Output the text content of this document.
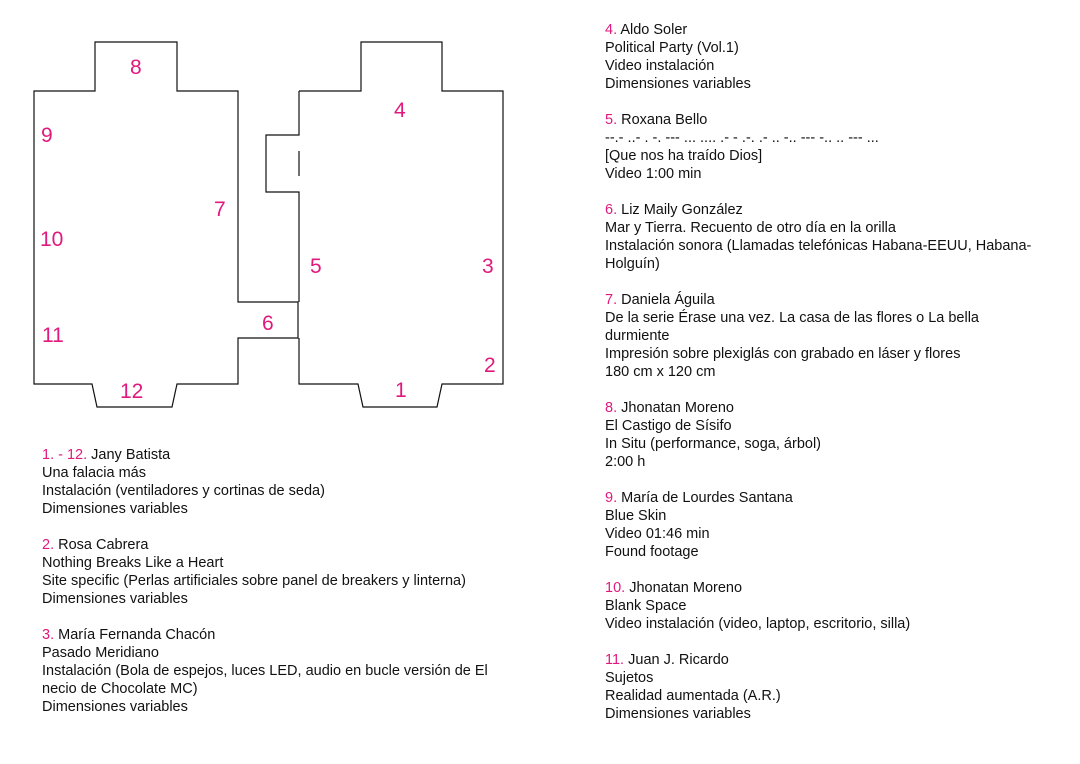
8
9
10
11
12
7
6
4
5	3
2
1
1. - 12. Jany Batista
Una falacia más
Instalación (ventiladores y cortinas de seda)
Dimensiones variables
2. Rosa Cabrera
Nothing Breaks Like a Heart
Site specific (Perlas artificiales sobre panel de breakers y linterna)
Dimensiones variables
3. María Fernanda Chacón
Pasado Meridiano
Instalación (Bola de espejos, luces LED, audio en bucle versión de El necio de Chocolate MC)
Dimensiones variables
4. Aldo Soler
Political Party (Vol.1)
Video instalación
Dimensiones variables
5. Roxana Bello
--.- ..- . -. --- ... .... .- - .-. .- .. -.. --- -.. .. --- ...
[Que nos ha traído Dios]
Video 1:00 min
6. Liz Maily González
Mar y Tierra. Recuento de otro día en la orilla
Instalación sonora (Llamadas telefónicas Habana-EEUU, Habana-Holguín)
7. Daniela Águila
De la serie Érase una vez. La casa de las flores o La bella durmiente
Impresión sobre plexiglás con grabado en láser y flores
180 cm x 120 cm
8. Jhonatan Moreno
El Castigo de Sísifo
In Situ (performance, soga, árbol)
2:00 h
9. María de Lourdes Santana
Blue Skin
Video 01:46 min
Found footage
10. Jhonatan Moreno
Blank Space
Video instalación (video, laptop, escritorio, silla)
11. Juan J. Ricardo
Sujetos
Realidad aumentada (A.R.)
Dimensiones variables
